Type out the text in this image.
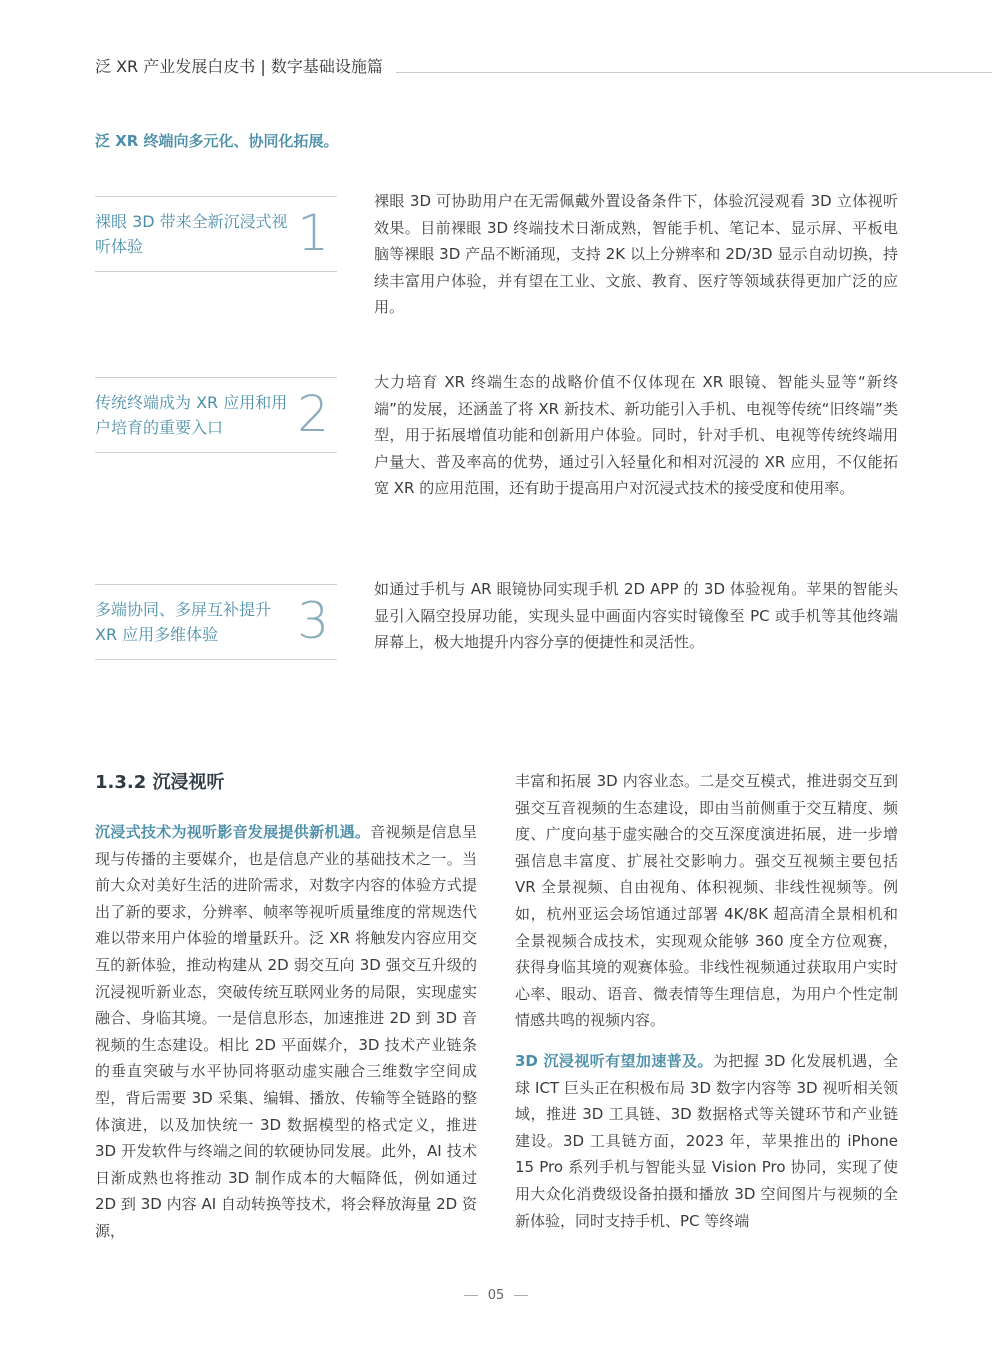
泛 XR 产业发展白皮书 | 数字基础设施篇
泛 XR 终端向多元化、协同化拓展。
裸眼 3D 带来全新沉浸式视听体验	1
裸眼 3D 可协助用户在无需佩戴外置设备条件下，体验沉浸观看 3D 立体视听效果。目前裸眼 3D 终端技术日渐成熟，智能手机、笔记本、显示屏、平板电脑等裸眼 3D 产品不断涌现，支持 2K 以上分辨率和 2D/3D 显示自动切换，持续丰富用户体验，并有望在工业、文旅、教育、医疗等领域获得更加广泛的应用。
传统终端成为 XR 应用和用户培育的重要入口	2
大力培育 XR 终端生态的战略价值不仅体现在 XR 眼镜、智能头显等“新终端”的发展，还涵盖了将 XR 新技术、新功能引入手机、电视等传统“旧终端”类型，用于拓展增值功能和创新用户体验。同时，针对手机、电视等传统终端用户量大、普及率高的优势，通过引入轻量化和相对沉浸的 XR 应用，不仅能拓宽 XR 的应用范围，还有助于提高用户对沉浸式技术的接受度和使用率。
多端协同、多屏互补提升 XR 应用多维体验	3
如通过手机与 AR 眼镜协同实现手机 2D APP 的 3D 体验视角。苹果的智能头显引入隔空投屏功能，实现头显中画面内容实时镜像至 PC 或手机等其他终端屏幕上，极大地提升内容分享的便捷性和灵活性。
1.3.2 沉浸视听
沉浸式技术为视听影音发展提供新机遇。音视频是信息呈现与传播的主要媒介，也是信息产业的基础技术之一。当前大众对美好生活的进阶需求，对数字内容的体验方式提出了新的要求，分辨率、帧率等视听质量维度的常规迭代难以带来用户体验的增量跃升。泛 XR 将触发内容应用交互的新体验，推动构建从 2D 弱交互向 3D 强交互升级的沉浸视听新业态，突破传统互联网业务的局限，实现虚实融合、身临其境。一是信息形态，加速推进 2D 到 3D 音视频的生态建设。相比 2D 平面媒介，3D 技术产业链条的垂直突破与水平协同将驱动虚实融合三维数字空间成型，背后需要 3D 采集、编辑、播放、传输等全链路的整体演进，以及加快统一 3D 数据模型的格式定义，推进 3D 开发软件与终端之间的软硬协同发展。此外，AI 技术日渐成熟也将推动 3D 制作成本的大幅降低，例如通过 2D 到 3D 内容 AI 自动转换等技术，将会释放海量 2D 资源，
丰富和拓展 3D 内容业态。二是交互模式，推进弱交互到强交互音视频的生态建设，即由当前侧重于交互精度、频度、广度向基于虚实融合的交互深度演进拓展，进一步增强信息丰富度、扩展社交影响力。强交互视频主要包括 VR 全景视频、自由视角、体积视频、非线性视频等。例如，杭州亚运会场馆通过部署 4K/8K 超高清全景相机和全景视频合成技术，实现观众能够 360 度全方位观赛，获得身临其境的观赛体验。非线性视频通过获取用户实时心率、眼动、语音、微表情等生理信息，为用户个性定制情感共鸣的视频内容。
3D 沉浸视听有望加速普及。为把握 3D 化发展机遇，全球 ICT 巨头正在积极布局 3D 数字内容等 3D 视听相关领域，推进 3D 工具链、3D 数据格式等关键环节和产业链建设。3D 工具链方面，2023 年，苹果推出的 iPhone 15 Pro 系列手机与智能头显 Vision Pro 协同，实现了使用大众化消费级设备拍摄和播放 3D 空间图片与视频的全新体验，同时支持手机、PC 等终端
05
